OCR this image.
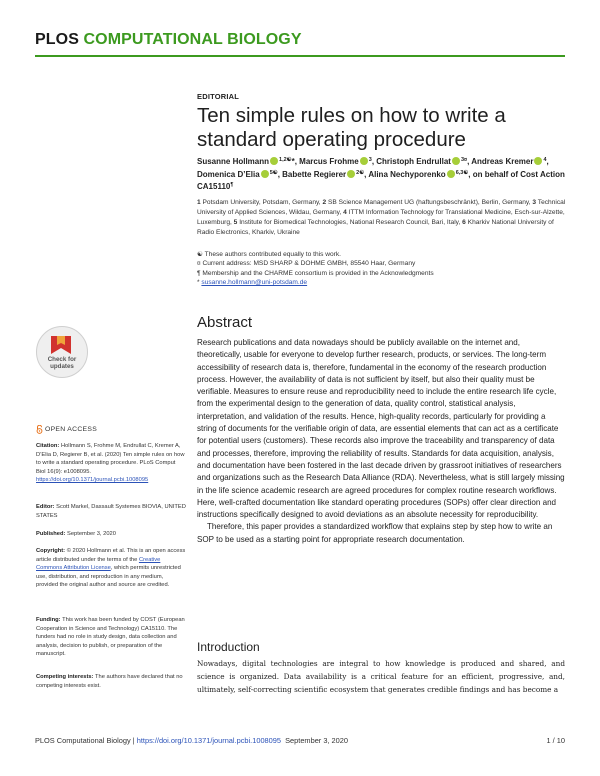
PLOS COMPUTATIONAL BIOLOGY
EDITORIAL
Ten simple rules on how to write a standard operating procedure
Susanne Hollmann $^{1,2☯}$*, Marcus Frohme $^3$, Christoph Endrullat $^{3¤}$, Andreas Kremer $^4$, Domenica D’Elia $^{5☯}$, Babette Regierer $^{2☯}$, Alina Nechyporenko $^{6,3☯}$, on behalf of Cost Action CA15110¶
1 Potsdam University, Potsdam, Germany, 2 SB Science Management UG (haftungsbeschränkt), Berlin, Germany, 3 Technical University of Applied Sciences, Wildau, Germany, 4 ITTM Information Technology for Translational Medicine, Esch-sur-Alzette, Luxemburg, 5 Institute for Biomedical Technologies, National Research Council, Bari, Italy, 6 Kharkiv National University of Radio Electronics, Kharkiv, Ukraine
☯ These authors contributed equally to this work.
¤ Current address: MSD SHARP & DOHME GMBH, 85540 Haar, Germany
¶ Membership and the CHARME consortium is provided in the Acknowledgments
* susanne.hollmann@uni-potsdam.de
Check for
updates
OPEN ACCESS
Citation: Hollmann S, Frohme M, Endrullat C, Kremer A, D’Elia D, Regierer B, et al. (2020) Ten simple rules on how to write a standard operating procedure. PLoS Comput Biol 16(9): e1008095. https://doi.org/10.1371/journal.pcbi.1008095
Editor: Scott Markel, Dassault Systemes BIOVIA, UNITED STATES
Published: September 3, 2020
Copyright: © 2020 Hollmann et al. This is an open access article distributed under the terms of the Creative Commons Attribution License, which permits unrestricted use, distribution, and reproduction in any medium, provided the original author and source are credited.
Funding: This work has been funded by COST (European Cooperation in Science and Technology) CA15110. The funders had no role in study design, data collection and analysis, decision to publish, or preparation of the manuscript.
Competing interests: The authors have declared that no competing interests exist.
Abstract

Research publications and data nowadays should be publicly available on the internet and, theoretically, usable for everyone to develop further research, products, or services. The long-term accessibility of research data is, therefore, fundamental in the economy of the research production process. However, the availability of data is not sufficient by itself, but also their quality must be verifiable. Measures to ensure reuse and reproducibility need to include the entire research life cycle, from the experimental design to the generation of data, quality control, statistical analysis, interpretation, and validation of the results. Hence, high-quality records, particularly for providing a string of documents for the verifiable origin of data, are essential elements that can act as a certificate for potential users (customers). These records also improve the traceability and transparency of data and processes, therefore, improving the reliability of results. Standards for data acquisition, analysis, and documentation have been fostered in the last decade driven by grassroot initiatives of researchers and organizations such as the Research Data Alliance (RDA). Nevertheless, what is still largely missing in the life science academic research are agreed procedures for complex routine research workflows. Here, well-crafted documentation like standard operating procedures (SOPs) offer clear direction and instructions specifically designed to avoid deviations as an absolute necessity for reproducibility.

Therefore, this paper provides a standardized workflow that explains step by step how to write an SOP to be used as a starting point for appropriate research documentation.

Introduction

Nowadays, digital technologies are integral to how knowledge is produced and shared, and science is organized. Data availability is a critical feature for an efficient, progressive, and, ultimately, self-correcting scientific ecosystem that generates credible findings and has become a

PLOS Computational Biology | https://doi.org/10.1371/journal.pcbi.1008095 September 3, 2020	1 / 10
